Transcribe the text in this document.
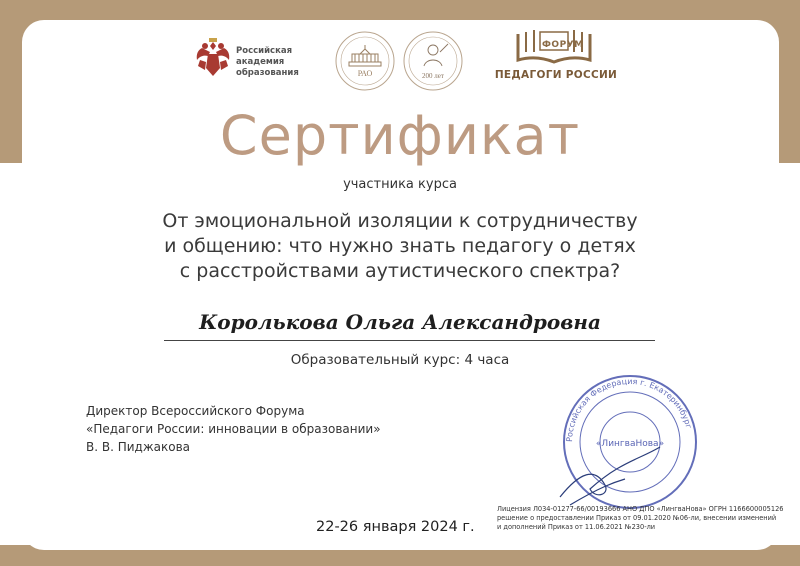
Российская
академия
образования	РАО	200 лет
ФОРУМ
ПЕДАГОГИ РОССИИ
Сертификат
участника курса
От эмоциональной изоляции к сотрудничеству
и общению: что нужно знать педагогу о детях
с расстройствами аутистического спектра?
Королькова Ольга Александровна
Образовательный курс: 4 часа
Директор Всероссийского Форума
«Педагоги России: инновации в образовании»
В. В. Пиджакова
Российская Федерация г. Екатеринбург
«ЛингваНова»
22-26 января 2024 г.
Лицензия Л034-01277-66/00193666 АНО ДПО «ЛингваНова» ОГРН 1166600005126
решение о предоставлении Приказ от 09.01.2020 №06-ли, внесении изменений
и дополнений Приказ от 11.06.2021 №230-ли
